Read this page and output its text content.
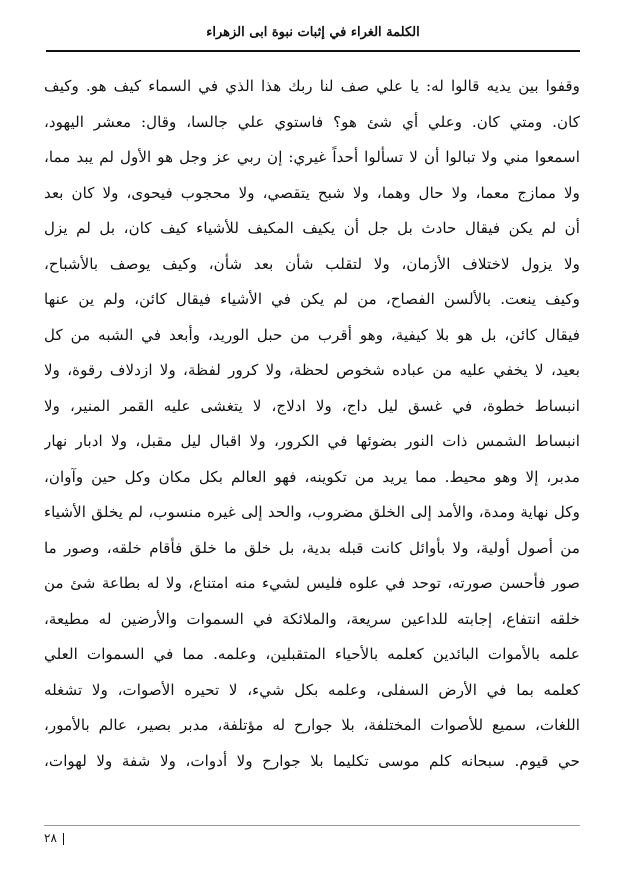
الكلمة الغراء في إثبات نبوة ابى الزهراء
وقفوا بين يديه قالوا له: يا علي صف لنا ربك هذا الذي في السماء كيف هو. وكيف
كان. ومتي كان. وعلي أي شئ هو؟ فاستوي علي جالسا، وقال: معشر اليهود،
اسمعوا مني ولا تبالوا أن لا تسألوا أحداً غيري: إن ربي عز وجل هو الأول لم يبد مما،
ولا ممازج معما، ولا حال وهما، ولا شبح يتقصي، ولا محجوب فيحوى، ولا كان بعد
أن لم يكن فيقال حادث بل جل أن يكيف المكيف للأشياء كيف كان، بل لم يزل
ولا يزول لاختلاف الأزمان، ولا لتقلب شأن بعد شأن، وكيف يوصف بالأشباح،
وكيف ينعت. بالألسن الفصاح، من لم يكن في الأشياء فيقال كائن، ولم ين عنها
فيقال كائن، بل هو بلا كيفية، وهو أقرب من حبل الوريد، وأبعد في الشبه من كل
بعيد، لا يخفي عليه من عباده شخوص لحظة، ولا كرور لفظة، ولا ازدلاف رقوة، ولا
انبساط خطوة، في غسق ليل داج، ولا ادلاج، لا يتغشى عليه القمر المنير، ولا
انبساط الشمس ذات النور بضوئها في الكرور، ولا اقبال ليل مقبل، ولا ادبار نهار
مدبر، إلا وهو محيط. مما يريد من تكوينه، فهو العالم بكل مكان وكل حين وآوان،
وكل نهاية ومدة، والأمد إلى الخلق مضروب، والحد إلى غيره منسوب، لم يخلق الأشياء
من أصول أولية، ولا بأوائل كانت قبله بدية، بل خلق ما خلق فأقام خلقه، وصور ما
صور فأحسن صورته، توحد في علوه فليس لشيء منه امتناع، ولا له بطاعة شئ من
خلقه انتفاع، إجابته للداعين سريعة، والملائكة في السموات والأرضين له مطيعة،
علمه بالأموات البائدين كعلمه بالأحياء المتقبلين، وعلمه. مما في السموات العلي
كعلمه بما في الأرض السفلى، وعلمه بكل شيء، لا تحيره الأصوات، ولا تشغله
اللغات، سميع للأصوات المختلفة، بلا جوارح له مؤتلفة، مدبر بصير، عالم بالأمور،
حي قيوم. سبحانه كلم موسى تكليما بلا جوارح ولا أدوات، ولا شفة ولا لهوات،
٢٨
